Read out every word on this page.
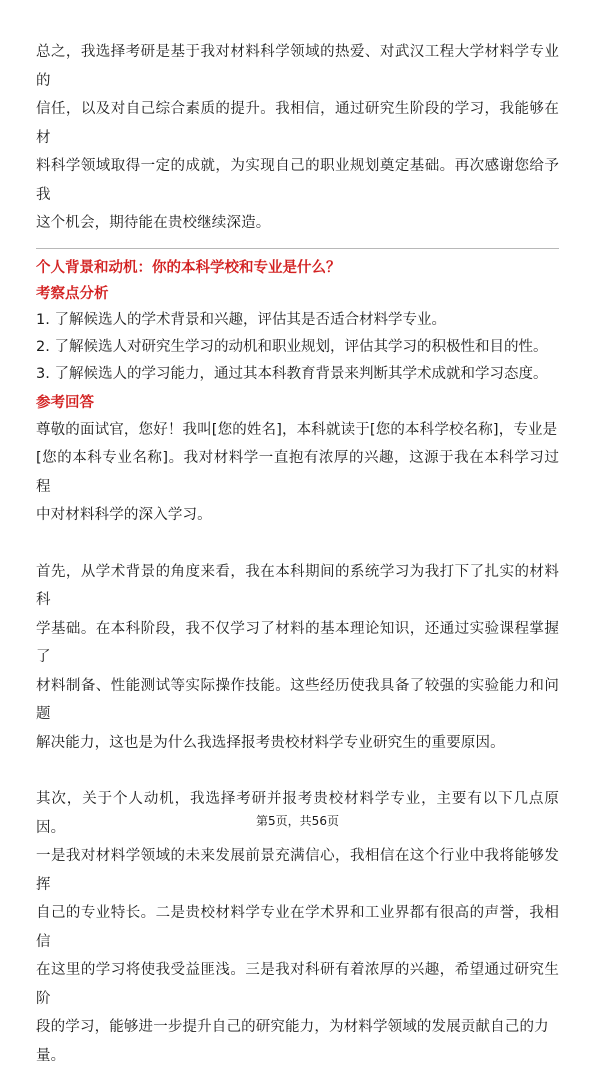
总之，我选择考研是基于我对材料科学领域的热爱、对武汉工程大学材料学专业的

信任，以及对自己综合素质的提升。我相信，通过研究生阶段的学习，我能够在材

料科学领域取得一定的成就，为实现自己的职业规划奠定基础。再次感谢您给予我

这个机会，期待能在贵校继续深造。

个人背景和动机：你的本科学校和专业是什么？

考察点分析

1. 了解候选人的学术背景和兴趣，评估其是否适合材料学专业。

2. 了解候选人对研究生学习的动机和职业规划，评估其学习的积极性和目的性。

3. 了解候选人的学习能力，通过其本科教育背景来判断其学术成就和学习态度。

参考回答

尊敬的面试官，您好！我叫[您的姓名]，本科就读于[您的本科学校名称]，专业是

[您的本科专业名称]。我对材料学一直抱有浓厚的兴趣，这源于我在本科学习过程

中对材料科学的深入学习。

首先，从学术背景的角度来看，我在本科期间的系统学习为我打下了扎实的材料科

学基础。在本科阶段，我不仅学习了材料的基本理论知识，还通过实验课程掌握了

材料制备、性能测试等实际操作技能。这些经历使我具备了较强的实验能力和问题

解决能力，这也是为什么我选择报考贵校材料学专业研究生的重要原因。

其次，关于个人动机，我选择考研并报考贵校材料学专业，主要有以下几点原因。

一是我对材料学领域的未来发展前景充满信心，我相信在这个行业中我将能够发挥

自己的专业特长。二是贵校材料学专业在学术界和工业界都有很高的声誉，我相信

在这里的学习将使我受益匪浅。三是我对科研有着浓厚的兴趣，希望通过研究生阶

段的学习，能够进一步提升自己的研究能力，为材料学领域的发展贡献自己的力

量。

第5页，共56页
